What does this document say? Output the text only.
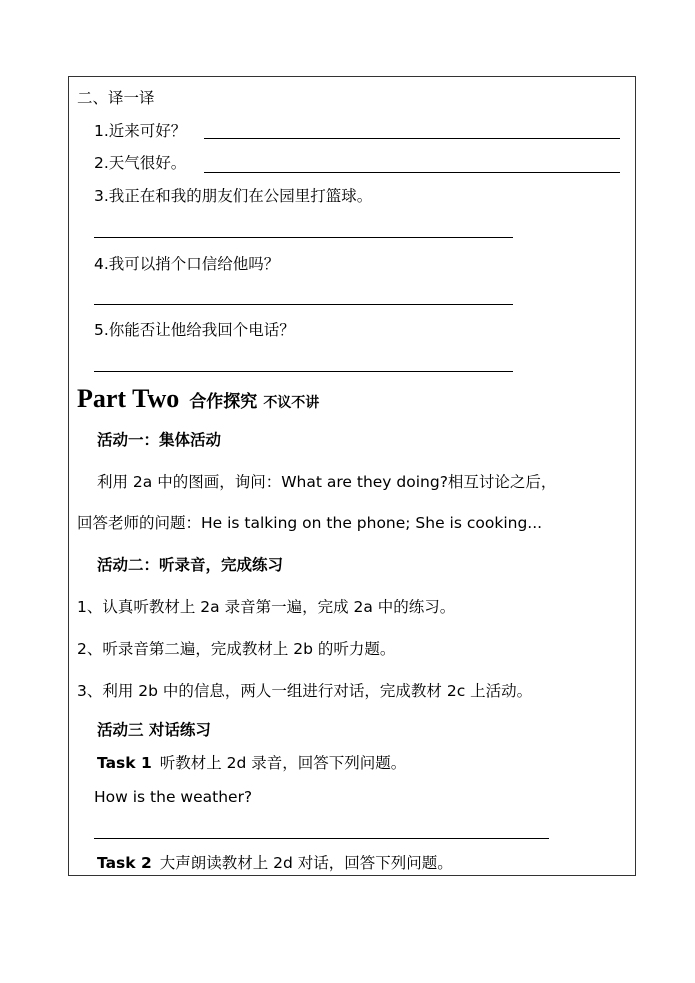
二、译一译
1.近来可好？
2.天气很好。
3.我正在和我的朋友们在公园里打篮球。
4.我可以捎个口信给他吗？
5.你能否让他给我回个电话？
Part Two 合作探究 不议不讲
活动一：集体活动
利用 2a 中的图画，询问：What are they doing?相互讨论之后，
回答老师的问题：He is talking on the phone; She is cooking...
活动二：听录音，完成练习
1、认真听教材上 2a 录音第一遍，完成 2a 中的练习。
2、听录音第二遍，完成教材上 2b 的听力题。
3、利用 2b 中的信息，两人一组进行对话，完成教材 2c 上活动。
活动三 对话练习
Task 1 听教材上 2d 录音，回答下列问题。
How is the weather?
Task 2 大声朗读教材上 2d 对话，回答下列问题。
